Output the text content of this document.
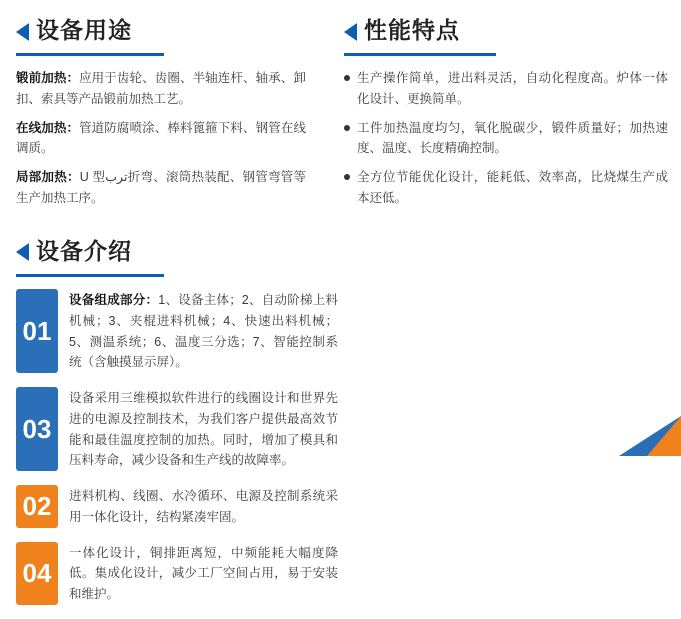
设备用途
锻前加热：应用于齿轮、齿圈、半轴连杆、轴承、卸扣、索具等产品锻前加热工艺。
在线加热：管道防腐喷涂、棒料篦箍下料、钢管在线调质。
局部加热：U 型ترب折弯、滚筒热装配、钢管弯管等生产加热工序。
性能特点
生产操作简单，进出料灵活，自动化程度高。炉体一体化设计、更换简单。
工件加热温度均匀，氧化脱碳少，锻件质量好；加热速度、温度、长度精确控制。
全方位节能优化设计，能耗低、效率高，比烧煤生产成本还低。
设备介绍
01
设备组成部分：1、设备主体；2、自动阶梯上料机械；3、夹棍进料机械；4、快速出料机械；5、测温系统；6、温度三分选；7、智能控制系统（含触摸显示屏）。
03
设备采用三维模拟软件进行的线圈设计和世界先进的电源及控制技术，为我们客户提供最高效节能和最佳温度控制的加热。同时，增加了模具和压料寿命，减少设备和生产线的故障率。
02	进料机构、线圈、水冷循环、电源及控制系统采用一体化设计，结构紧凑牢固。
04
一体化设计，铜排距离短，中频能耗大幅度降低。集成化设计，减少工厂空间占用，易于安装和维护。
